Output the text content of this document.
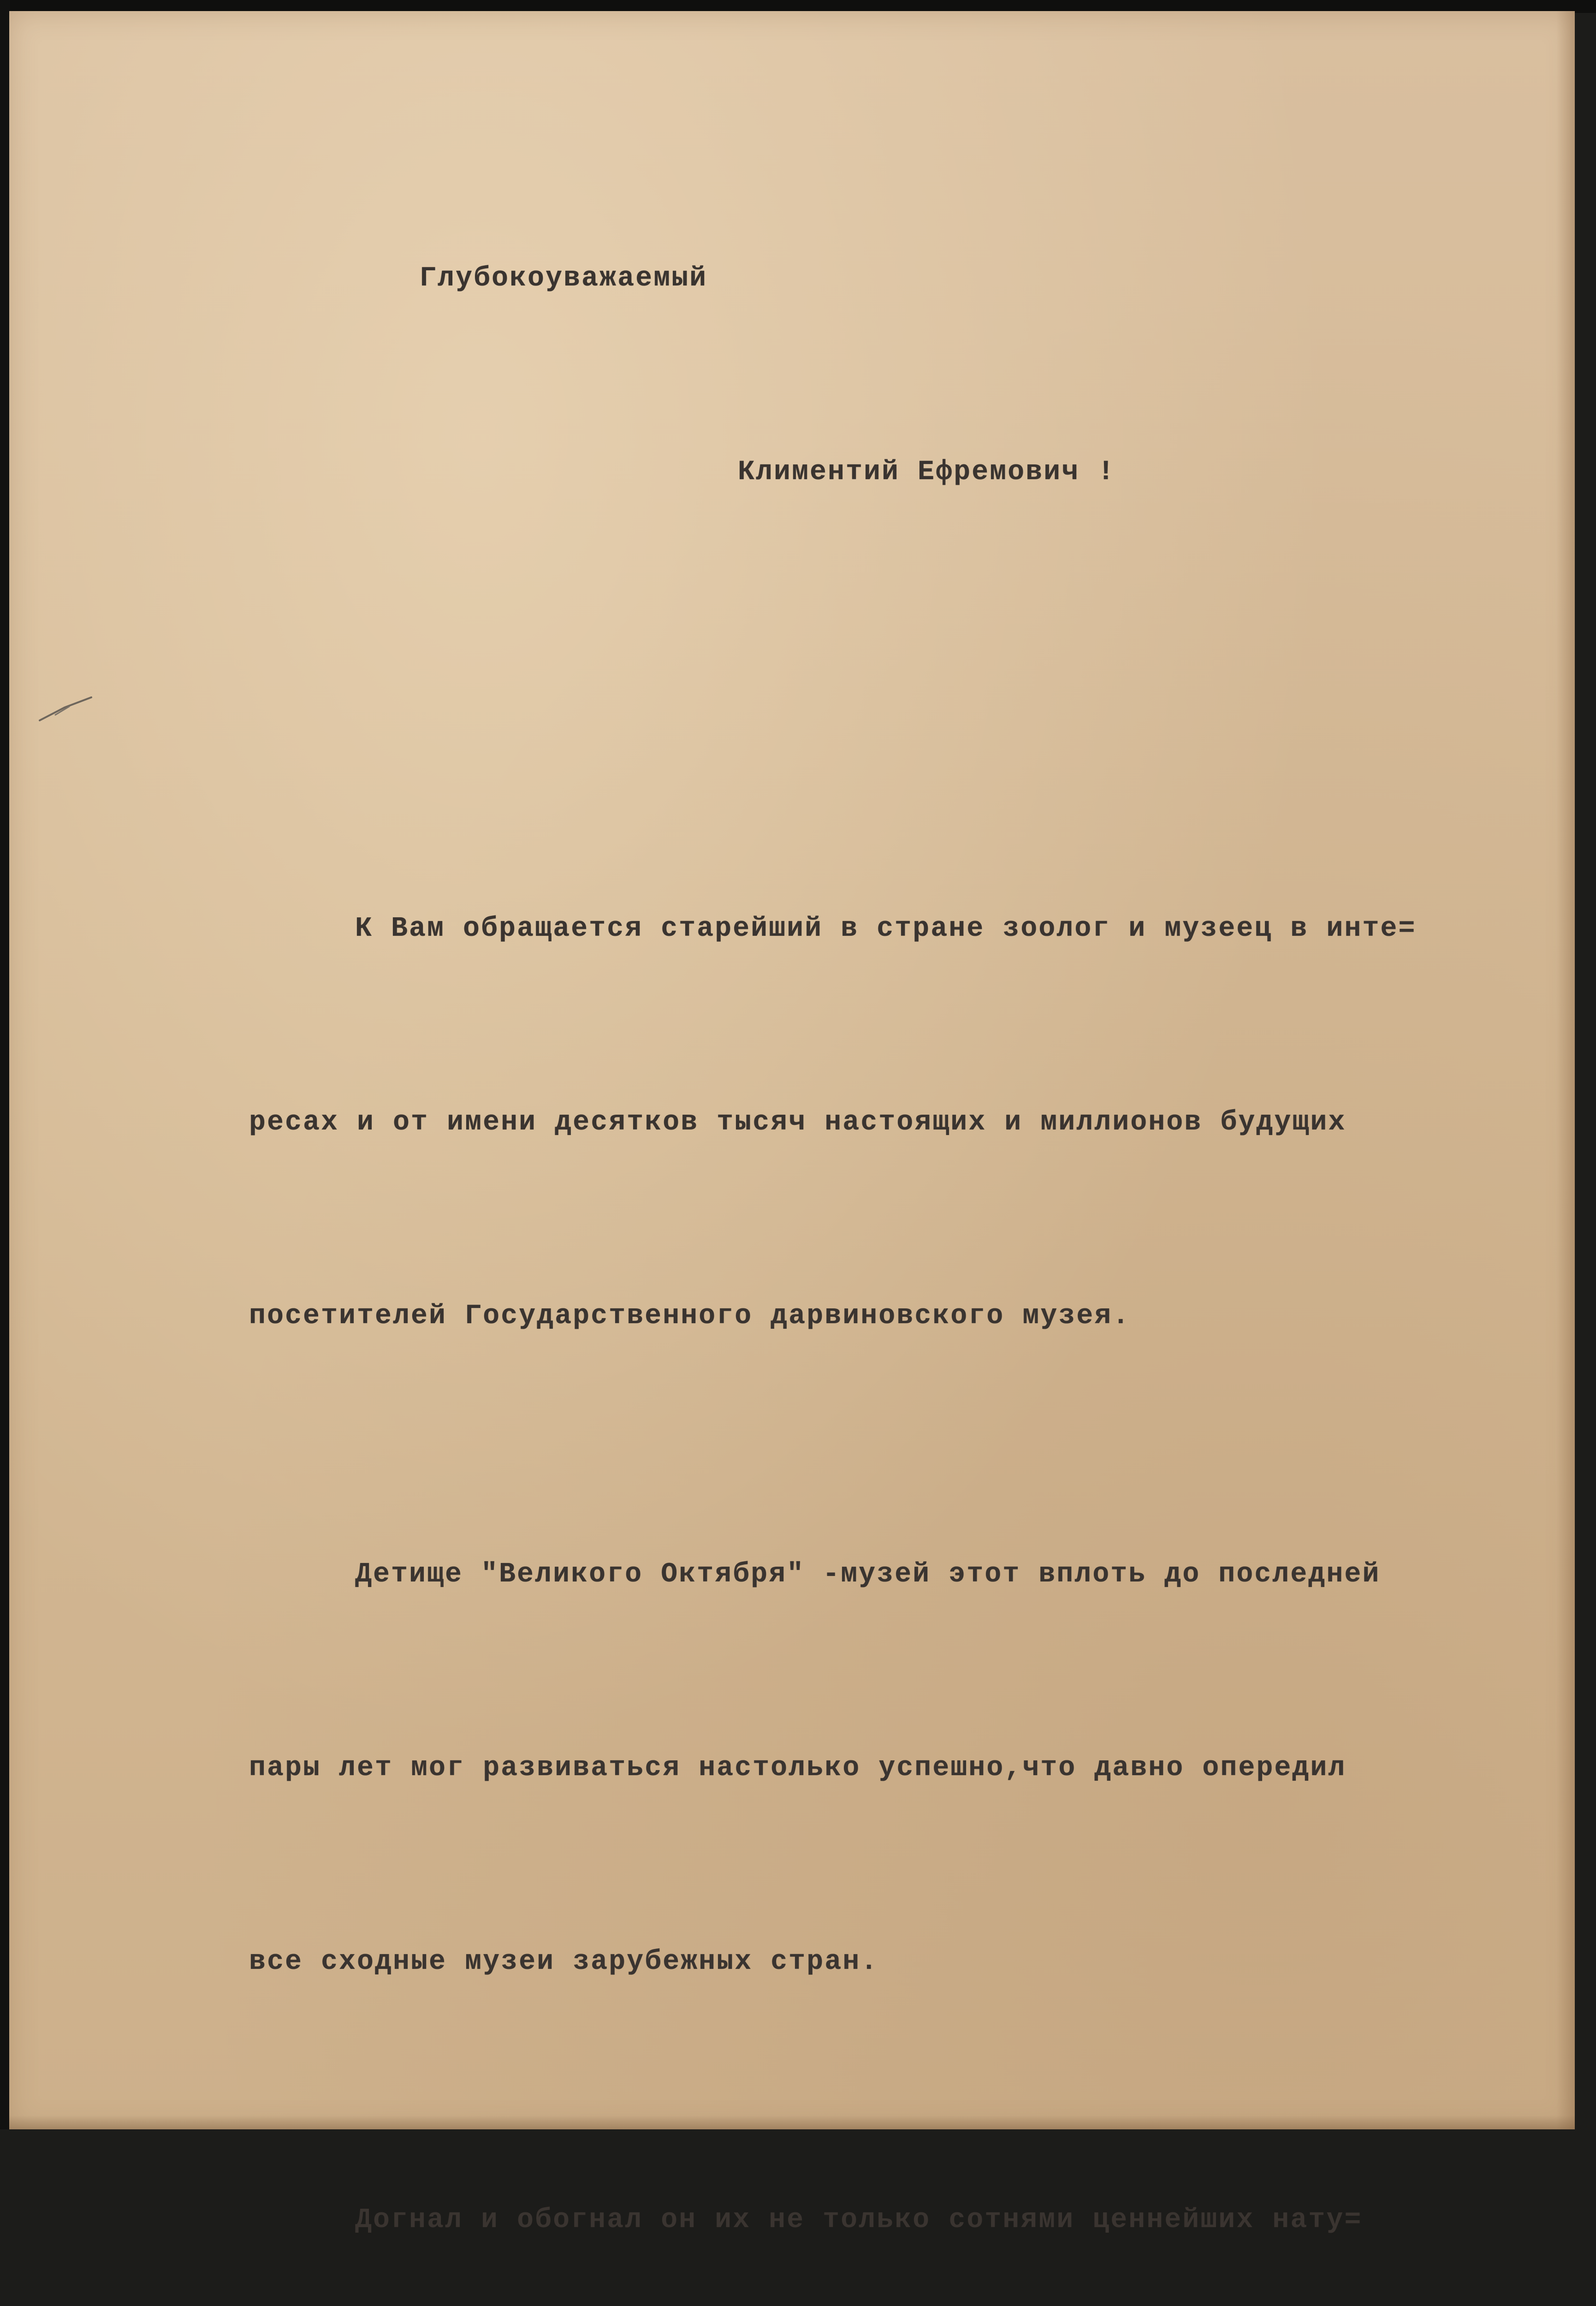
Глубокоуважаемый

Климентий Ефремович !

К Вам обращается старейший в стране зоолог и музеец в инте=

ресах и от имени десятков тысяч настоящих и миллионов будущих

посетителей Государственного дарвиновского музея.

Детище "Великого Октября" -музей этот вплоть до последней

пары лет мог развиваться настолько успешно,что давно опередил

все сходные музеи зарубежных стран.

Догнал и обогнал он их не только сотнями ценнейших нату=
